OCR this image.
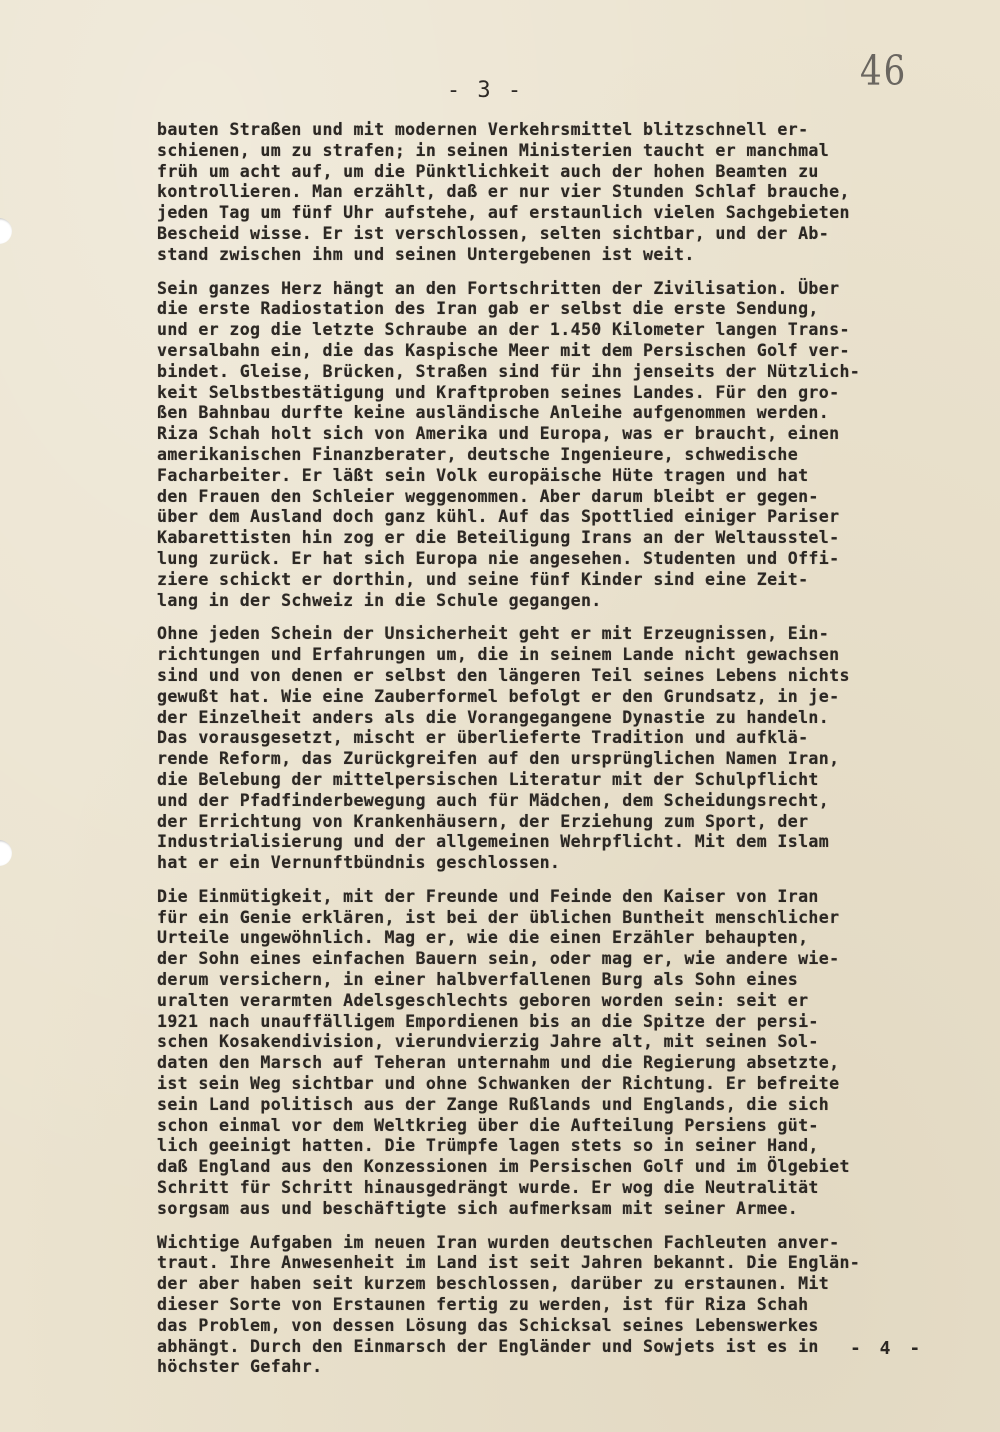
- 3 -	46
bauten Straßen und mit modernen Verkehrsmittel blitzschnell er-
schienen, um zu strafen; in seinen Ministerien taucht er manchmal
früh um acht auf, um die Pünktlichkeit auch der hohen Beamten zu
kontrollieren. Man erzählt, daß er nur vier Stunden Schlaf brauche,
jeden Tag um fünf Uhr aufstehe, auf erstaunlich vielen Sachgebieten
Bescheid wisse. Er ist verschlossen, selten sichtbar, und der Ab-
stand zwischen ihm und seinen Untergebenen ist weit.
Sein ganzes Herz hängt an den Fortschritten der Zivilisation. Über
die erste Radiostation des Iran gab er selbst die erste Sendung,
und er zog die letzte Schraube an der 1.450 Kilometer langen Trans-
versalbahn ein, die das Kaspische Meer mit dem Persischen Golf ver-
bindet. Gleise, Brücken, Straßen sind für ihn jenseits der Nützlich-
keit Selbstbestätigung und Kraftproben seines Landes. Für den gro-
ßen Bahnbau durfte keine ausländische Anleihe aufgenommen werden.
Riza Schah holt sich von Amerika und Europa, was er braucht, einen
amerikanischen Finanzberater, deutsche Ingenieure, schwedische
Facharbeiter. Er läßt sein Volk europäische Hüte tragen und hat
den Frauen den Schleier weggenommen. Aber darum bleibt er gegen-
über dem Ausland doch ganz kühl. Auf das Spottlied einiger Pariser
Kabarettisten hin zog er die Beteiligung Irans an der Weltausstel-
lung zurück. Er hat sich Europa nie angesehen. Studenten und Offi-
ziere schickt er dorthin, und seine fünf Kinder sind eine Zeit-
lang in der Schweiz in die Schule gegangen.
Ohne jeden Schein der Unsicherheit geht er mit Erzeugnissen, Ein-
richtungen und Erfahrungen um, die in seinem Lande nicht gewachsen
sind und von denen er selbst den längeren Teil seines Lebens nichts
gewußt hat. Wie eine Zauberformel befolgt er den Grundsatz, in je-
der Einzelheit anders als die Vorangegangene Dynastie zu handeln.
Das vorausgesetzt, mischt er überlieferte Tradition und aufklä-
rende Reform, das Zurückgreifen auf den ursprünglichen Namen Iran,
die Belebung der mittelpersischen Literatur mit der Schulpflicht
und der Pfadfinderbewegung auch für Mädchen, dem Scheidungsrecht,
der Errichtung von Krankenhäusern, der Erziehung zum Sport, der
Industrialisierung und der allgemeinen Wehrpflicht. Mit dem Islam
hat er ein Vernunftbündnis geschlossen.
Die Einmütigkeit, mit der Freunde und Feinde den Kaiser von Iran
für ein Genie erklären, ist bei der üblichen Buntheit menschlicher
Urteile ungewöhnlich. Mag er, wie die einen Erzähler behaupten,
der Sohn eines einfachen Bauern sein, oder mag er, wie andere wie-
derum versichern, in einer halbverfallenen Burg als Sohn eines
uralten verarmten Adelsgeschlechts geboren worden sein: seit er
1921 nach unauffälligem Empordienen bis an die Spitze der persi-
schen Kosakendivision, vierundvierzig Jahre alt, mit seinen Sol-
daten den Marsch auf Teheran unternahm und die Regierung absetzte,
ist sein Weg sichtbar und ohne Schwanken der Richtung. Er befreite
sein Land politisch aus der Zange Rußlands und Englands, die sich
schon einmal vor dem Weltkrieg über die Aufteilung Persiens güt-
lich geeinigt hatten. Die Trümpfe lagen stets so in seiner Hand,
daß England aus den Konzessionen im Persischen Golf und im Ölgebiet
Schritt für Schritt hinausgedrängt wurde. Er wog die Neutralität
sorgsam aus und beschäftigte sich aufmerksam mit seiner Armee.
Wichtige Aufgaben im neuen Iran wurden deutschen Fachleuten anver-
traut. Ihre Anwesenheit im Land ist seit Jahren bekannt. Die Englän-
der aber haben seit kurzem beschlossen, darüber zu erstaunen. Mit
dieser Sorte von Erstaunen fertig zu werden, ist für Riza Schah
das Problem, von dessen Lösung das Schicksal seines Lebenswerkes
abhängt. Durch den Einmarsch der Engländer und Sowjets ist es in
höchster Gefahr.
- 4 -
